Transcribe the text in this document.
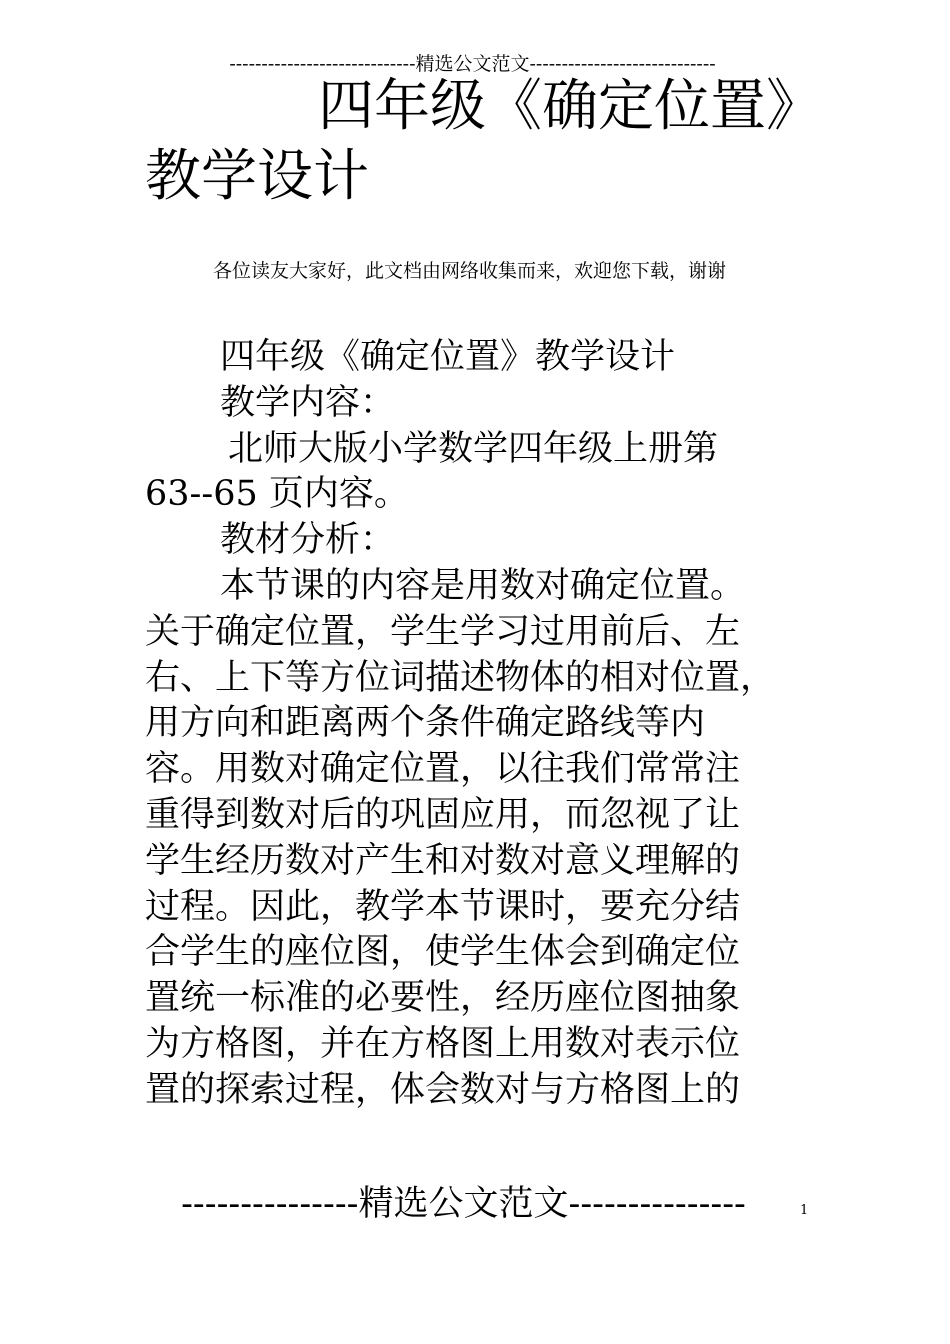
-----------------------------精选公文范文-----------------------------
四年级《确定位置》
教学设计
各位读友大家好，此文档由网络收集而来，欢迎您下载，谢谢
四年级《确定位置》教学设计
教学内容：
北师大版小学数学四年级上册第
63--65 页内容。
教材分析：
本节课的内容是用数对确定位置。
关于确定位置，学生学习过用前后、左
右、上下等方位词描述物体的相对位置，
用方向和距离两个条件确定路线等内
容。用数对确定位置，以往我们常常注
重得到数对后的巩固应用，而忽视了让
学生经历数对产生和对数对意义理解的
过程。因此，教学本节课时，要充分结
合学生的座位图，使学生体会到确定位
置统一标准的必要性，经历座位图抽象
为方格图，并在方格图上用数对表示位
置的探索过程，体会数对与方格图上的
---------------精选公文范文---------------	1
